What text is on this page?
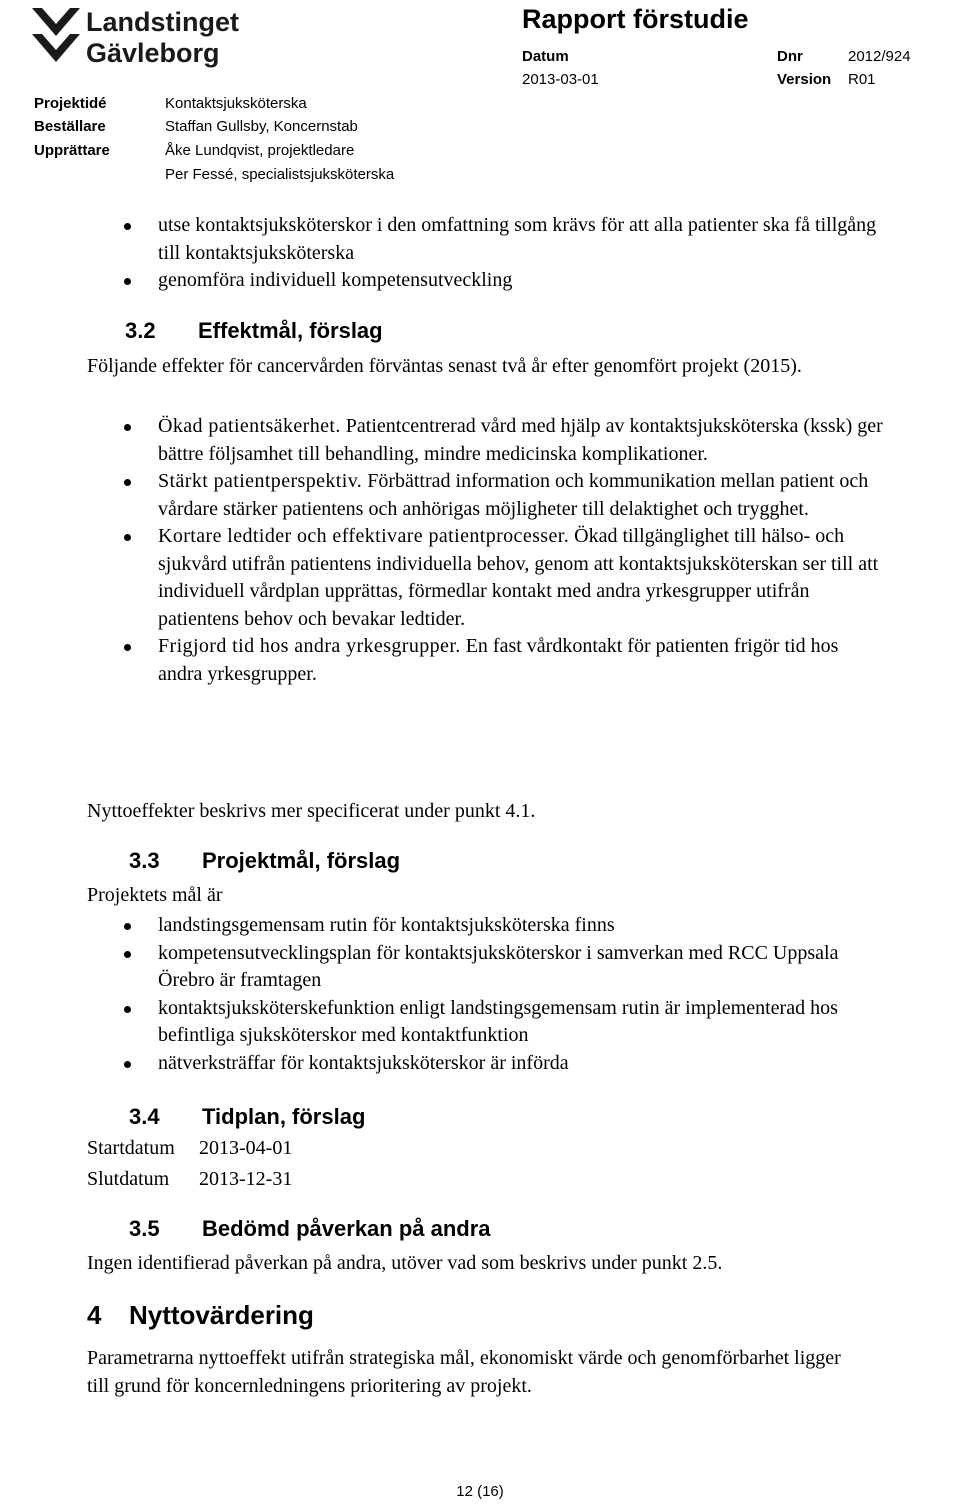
Landstinget
Gävleborg
Rapport förstudie
Datum
2013-03-01
Dnr	2012/924
Version R01
Projektidé	Kontaktsjuksköterska
Beställare	Staffan Gullsby, Koncernstab
Upprättare	Åke Lundqvist, projektledare
Per Fessé, specialistsjuksköterska
utse kontaktsjuksköterskor i den omfattning som krävs för att alla patienter ska få tillgång till kontaktsjuksköterska
genomföra individuell kompetensutveckling
3.2 Effektmål, förslag
Följande effekter för cancervården förväntas senast två år efter genomfört projekt (2015).
Ökad patientsäkerhet. Patientcentrerad vård med hjälp av kontaktsjuksköterska (kssk) ger bättre följsamhet till behandling, mindre medicinska komplikationer.
Stärkt patientperspektiv. Förbättrad information och kommunikation mellan patient och vårdare stärker patientens och anhörigas möjligheter till delaktighet och trygghet.
Kortare ledtider och effektivare patientprocesser. Ökad tillgänglighet till hälso- och sjukvård utifrån patientens individuella behov, genom att kontaktsjuksköterskan ser till att individuell vårdplan upprättas, förmedlar kontakt med andra yrkesgrupper utifrån patientens behov och bevakar ledtider.
Frigjord tid hos andra yrkesgrupper. En fast vårdkontakt för patienten frigör tid hos andra yrkesgrupper.
Nyttoeffekter beskrivs mer specificerat under punkt 4.1.
3.3 Projektmål, förslag
Projektets mål är
landstingsgemensam rutin för kontaktsjuksköterska finns
kompetensutvecklingsplan för kontaktsjuksköterskor i samverkan med RCC Uppsala Örebro är framtagen
kontaktsjuksköterskefunktion enligt landstingsgemensam rutin är implementerad hos befintliga sjuksköterskor med kontaktfunktion
nätverksträffar för kontaktsjuksköterskor är införda
3.4 Tidplan, förslag
Startdatum	2013-04-01
Slutdatum	2013-12-31
3.5 Bedömd påverkan på andra
Ingen identifierad påverkan på andra, utöver vad som beskrivs under punkt 2.5.
4 Nyttovärdering
Parametrarna nyttoeffekt utifrån strategiska mål, ekonomiskt värde och genomförbarhet ligger till grund för koncernledningens prioritering av projekt.
12 (16)
